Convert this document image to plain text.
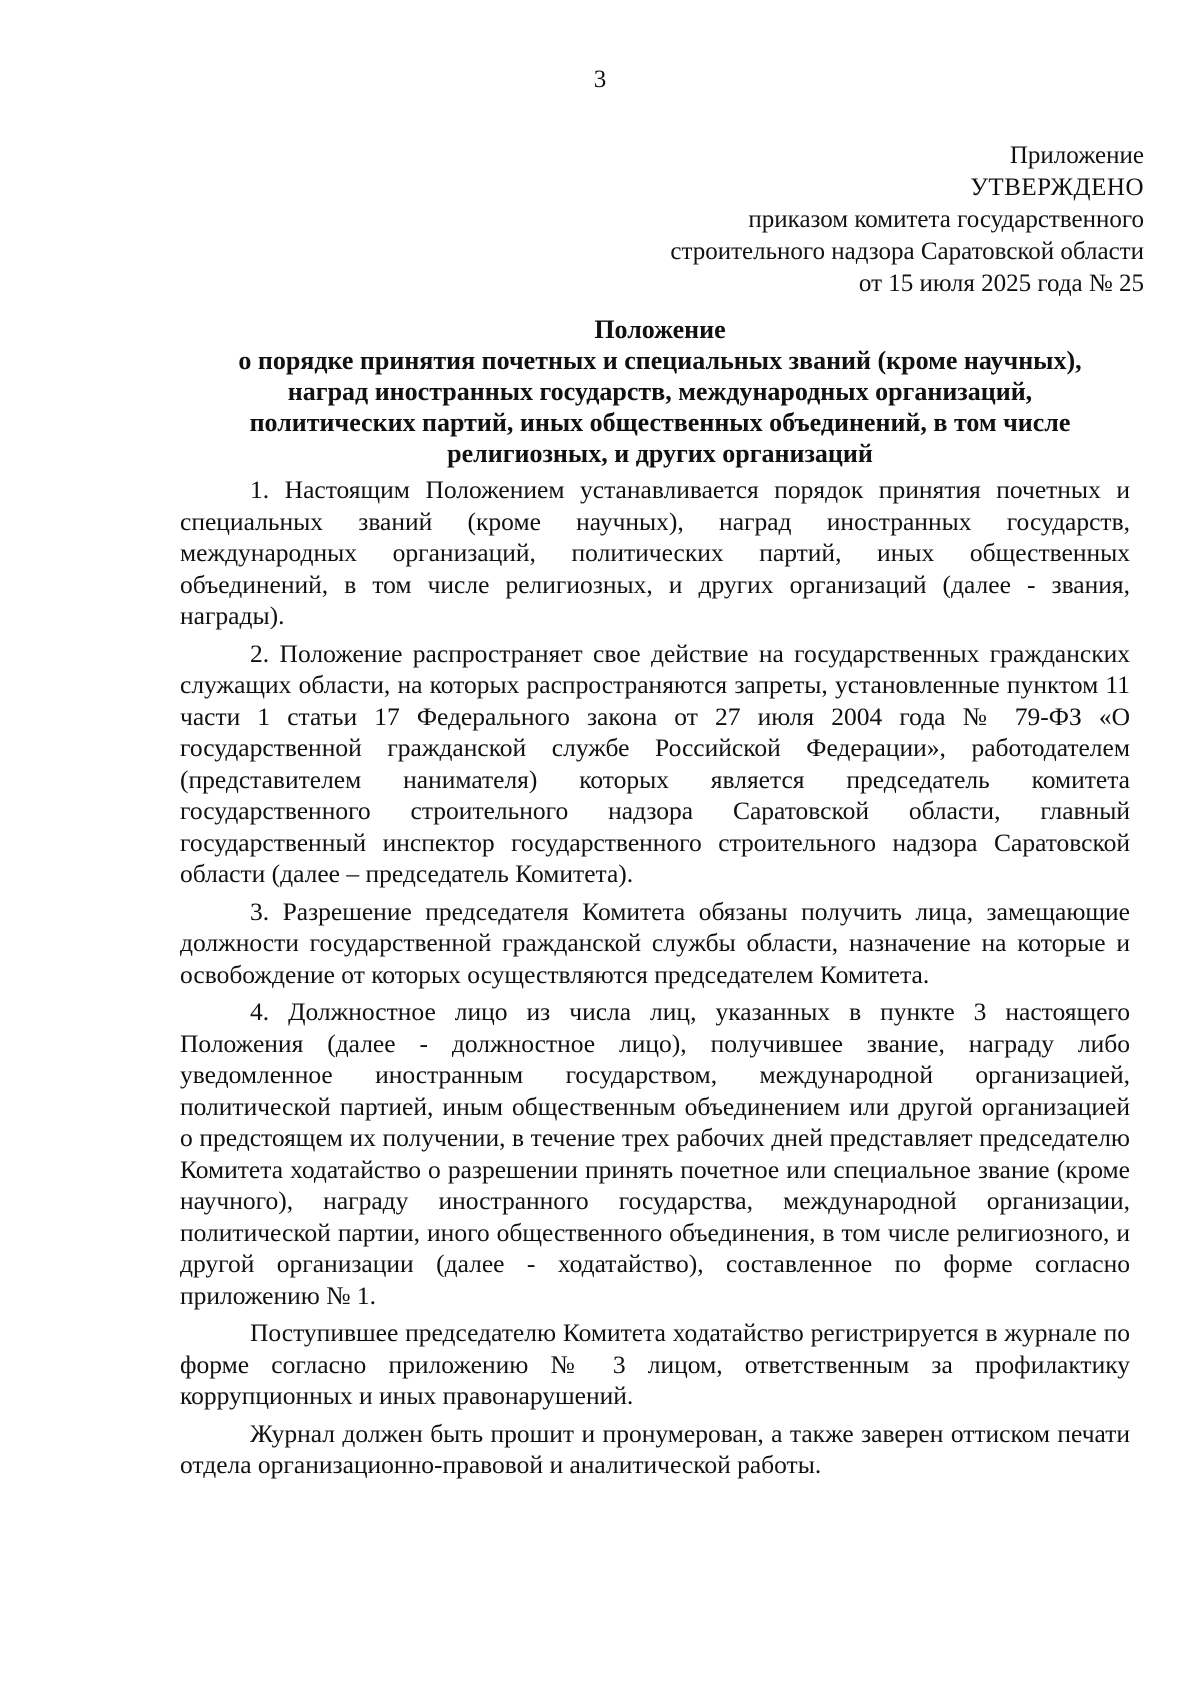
3
Приложение
УТВЕРЖДЕНО
приказом комитета государственного
строительного надзора Саратовской области
от 15 июля 2025 года № 25
Положение
о порядке принятия почетных и специальных званий (кроме научных),
наград иностранных государств, международных организаций,
политических партий, иных общественных объединений, в том числе
религиозных, и других организаций

1. Настоящим Положением устанавливается порядок принятия почетных и специальных званий (кроме научных), наград иностранных государств, международных организаций, политических партий, иных общественных объединений, в том числе религиозных, и других организаций (далее - звания, награды).

2. Положение распространяет свое действие на государственных гражданских служащих области, на которых распространяются запреты, установленные пунктом 11 части 1 статьи 17 Федерального закона от 27 июля 2004 года № 79-ФЗ «О государственной гражданской службе Российской Федерации», работодателем (представителем нанимателя) которых является председатель комитета государственного строительного надзора Саратовской области, главный государственный инспектор государственного строительного надзора Саратовской области (далее – председатель Комитета).

3. Разрешение председателя Комитета обязаны получить лица, замещающие должности государственной гражданской службы области, назначение на которые и освобождение от которых осуществляются председателем Комитета.

4. Должностное лицо из числа лиц, указанных в пункте 3 настоящего Положения (далее - должностное лицо), получившее звание, награду либо уведомленное иностранным государством, международной организацией, политической партией, иным общественным объединением или другой организацией о предстоящем их получении, в течение трех рабочих дней представляет председателю Комитета ходатайство о разрешении принять почетное или специальное звание (кроме научного), награду иностранного государства, международной организации, политической партии, иного общественного объединения, в том числе религиозного, и другой организации (далее - ходатайство), составленное по форме согласно приложению № 1.

Поступившее председателю Комитета ходатайство регистрируется в журнале по форме согласно приложению № 3 лицом, ответственным за профилактику коррупционных и иных правонарушений.

Журнал должен быть прошит и пронумерован, а также заверен оттиском печати отдела организационно-правовой и аналитической работы.
